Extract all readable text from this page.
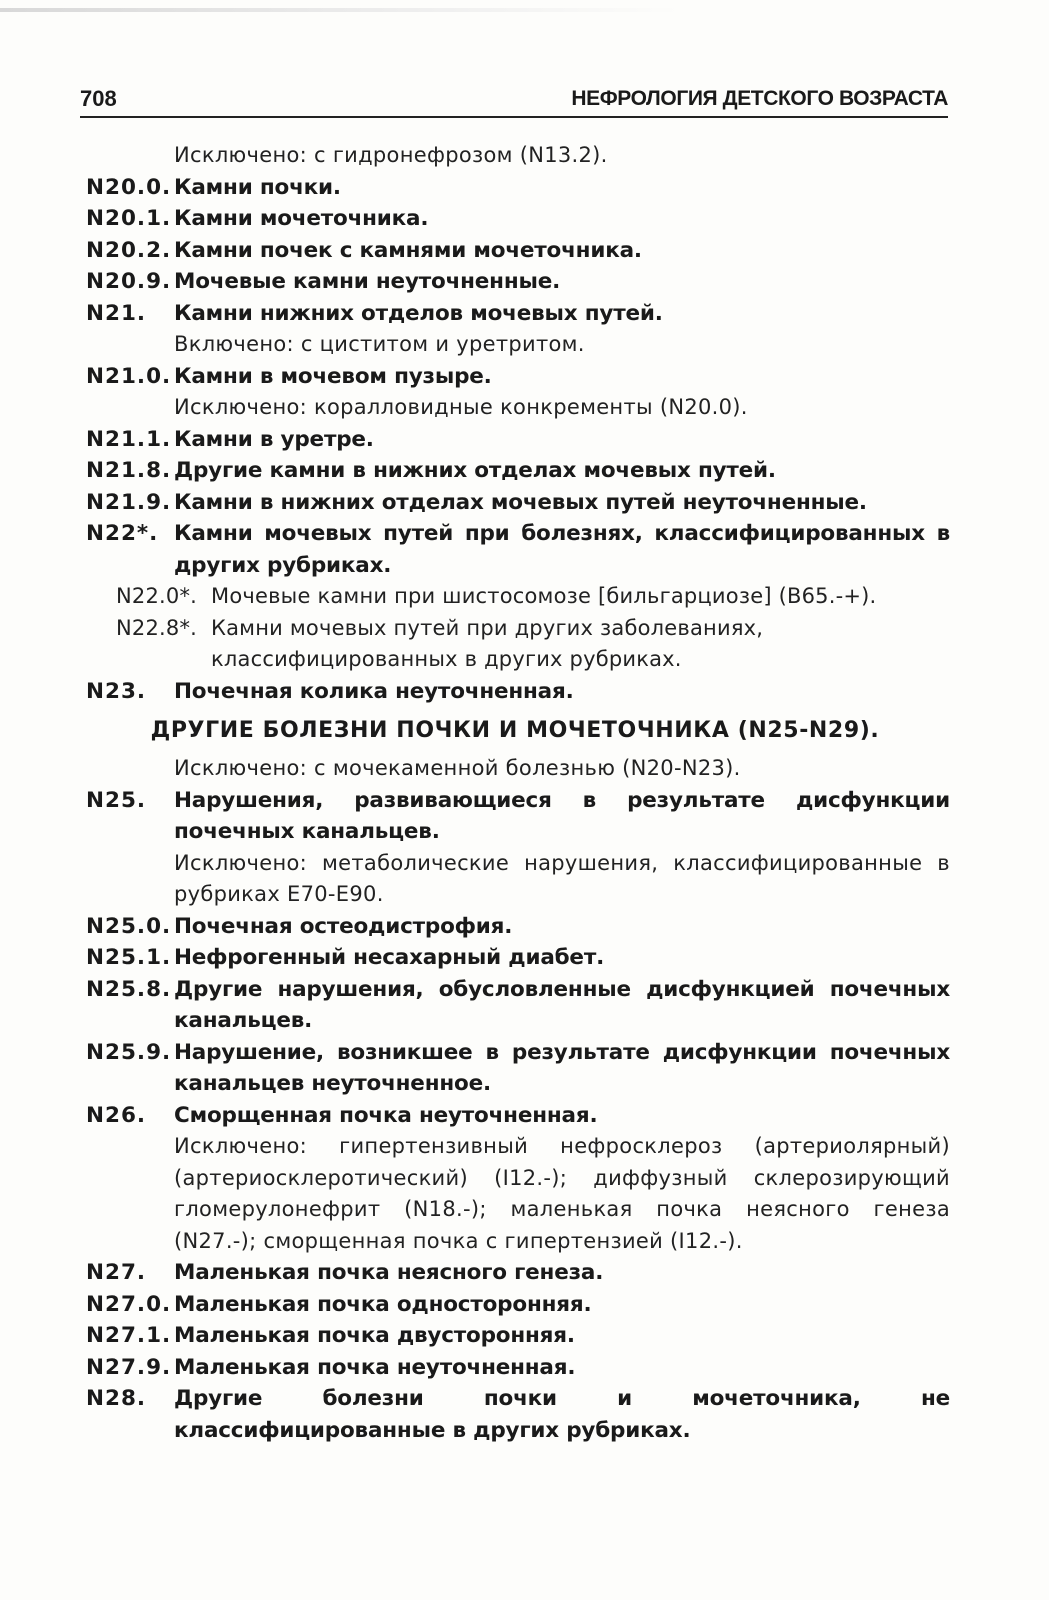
708	НЕФРОЛОГИЯ ДЕТСКОГО ВОЗРАСТА
Исключено: с гидронефрозом (N13.2).
N20.0. Камни почки.
N20.1. Камни мочеточника.
N20.2. Камни почек с камнями мочеточника.
N20.9. Мочевые камни неуточненные.
N21. Камни нижних отделов мочевых путей.
Включено: с циститом и уретритом.
N21.0. Камни в мочевом пузыре.
Исключено: коралловидные конкременты (N20.0).
N21.1. Камни в уретре.
N21.8. Другие камни в нижних отделах мочевых путей.
N21.9. Камни в нижних отделах мочевых путей неуточненные.
N22*. Камни мочевых путей при болезнях, классифицированных в других рубриках.
N22.0*. Мочевые камни при шистосомозе [бильгарциозе] (B65.-+).
N22.8*. Камни мочевых путей при других заболеваниях, классифицированных в других рубриках.
N23. Почечная колика неуточненная.
ДРУГИЕ БОЛЕЗНИ ПОЧКИ И МОЧЕТОЧНИКА (N25-N29).
Исключено: с мочекаменной болезнью (N20-N23).
N25. Нарушения, развивающиеся в результате дисфункции почечных канальцев.
Исключено: метаболические нарушения, классифицированные в рубриках E70-E90.
N25.0. Почечная остеодистрофия.
N25.1. Нефрогенный несахарный диабет.
N25.8. Другие нарушения, обусловленные дисфункцией почечных канальцев.
N25.9. Нарушение, возникшее в результате дисфункции почечных канальцев неуточненное.
N26. Сморщенная почка неуточненная.
Исключено: гипертензивный нефросклероз (артериолярный) (артериосклеротический) (I12.-); диффузный склерозирующий гломерулонефрит (N18.-); маленькая почка неясного генеза (N27.-); сморщенная почка с гипертензией (I12.-).
N27. Маленькая почка неясного генеза.
N27.0. Маленькая почка односторонняя.
N27.1. Маленькая почка двусторонняя.
N27.9. Маленькая почка неуточненная.
N28. Другие болезни почки и мочеточника, не классифицированные в других рубриках.
